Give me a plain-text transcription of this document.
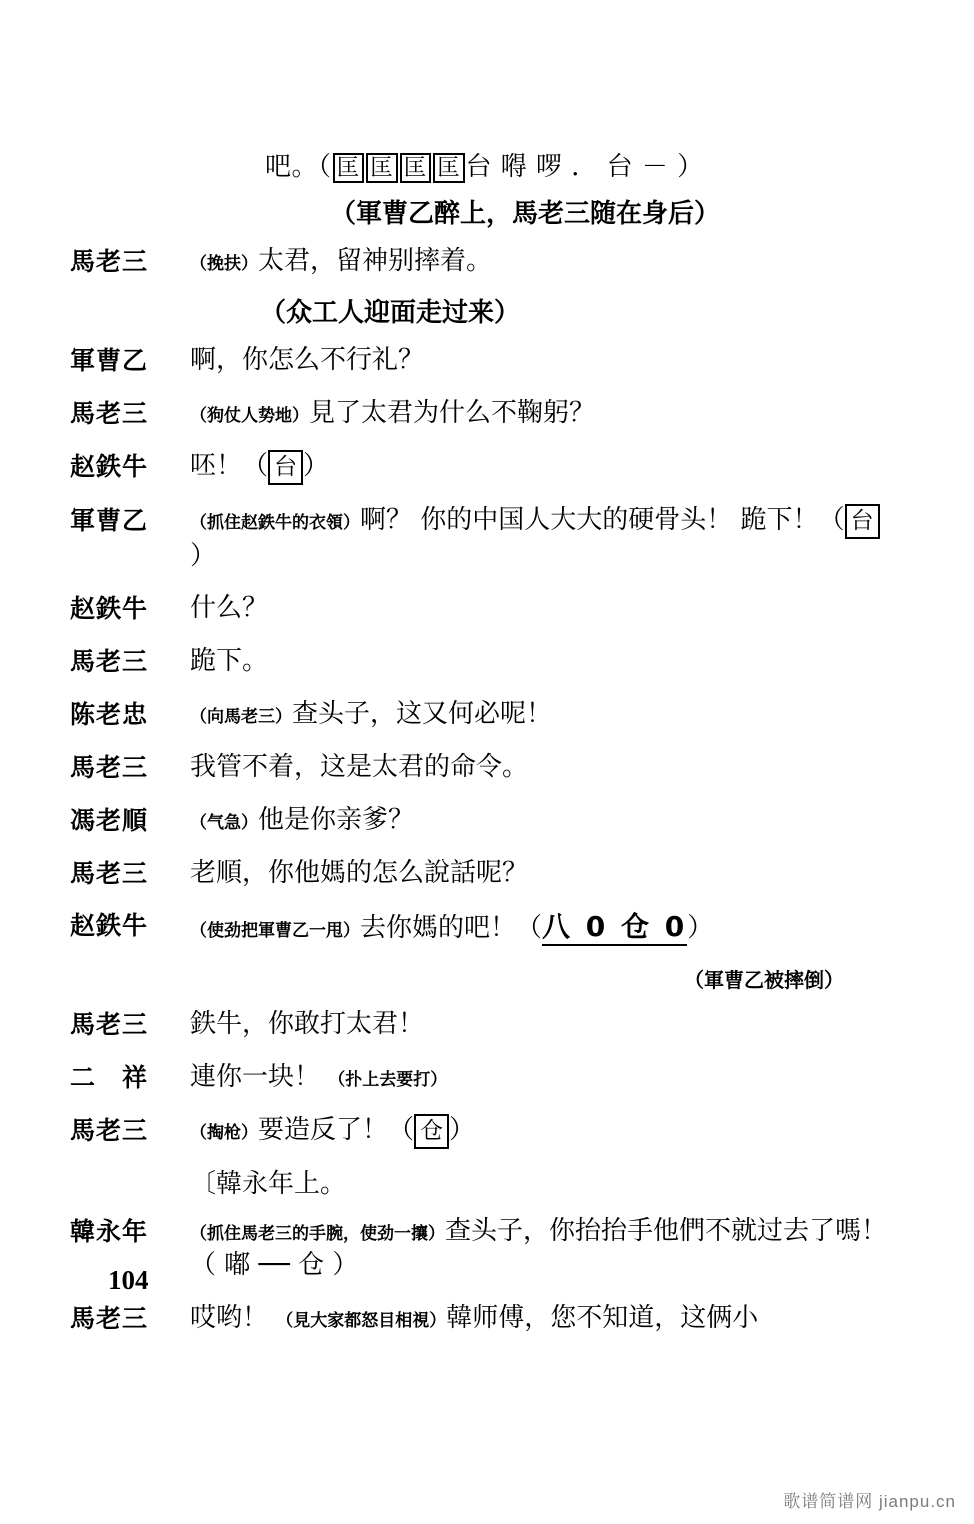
吧。（ 匡 匡 匡 匡 台 嘚 啰 ． 台 － ）
（軍曹乙醉上，馬老三随在身后）
馬老三	（挽扶）太君，留神别摔着。
（众工人迎面走过来）
軍曹乙	啊，你怎么不行礼？
馬老三	（狗仗人势地）見了太君为什么不鞠躬？
赵鉄牛	呸！（ 台 ）
軍曹乙	（抓住赵鉄牛的衣領）啊？ 你的中国人大大的硬骨头！ 跪下！（ 台）
赵鉄牛	什么？
馬老三	跪下。
陈老忠	（向馬老三）查头子，这又何必呢！
馬老三	我管不着，这是太君的命令。
馮老順	（气急）他是你亲爹？
馬老三	老順，你他媽的怎么說話呢？
赵鉄牛	（使劲把軍曹乙一甩）去你媽的吧！（八 0 仓 0）
（軍曹乙被摔倒）
馬老三	鉄牛，你敢打太君！
二　祥	連你一块！ （扑上去要打）
馬老三	（掏枪）要造反了！（ 仓 ）
〔韓永年上。
韓永年	（抓住馬老三的手腕，使劲一攘）查头子，你抬抬手他們不就过去了嗎！（ 嘟 ── 仓 ）
馬老三	哎哟！ （見大家都怒目相視）韓师傅，您不知道，这俩小
104
歌谱简谱网 jianpu.cn
